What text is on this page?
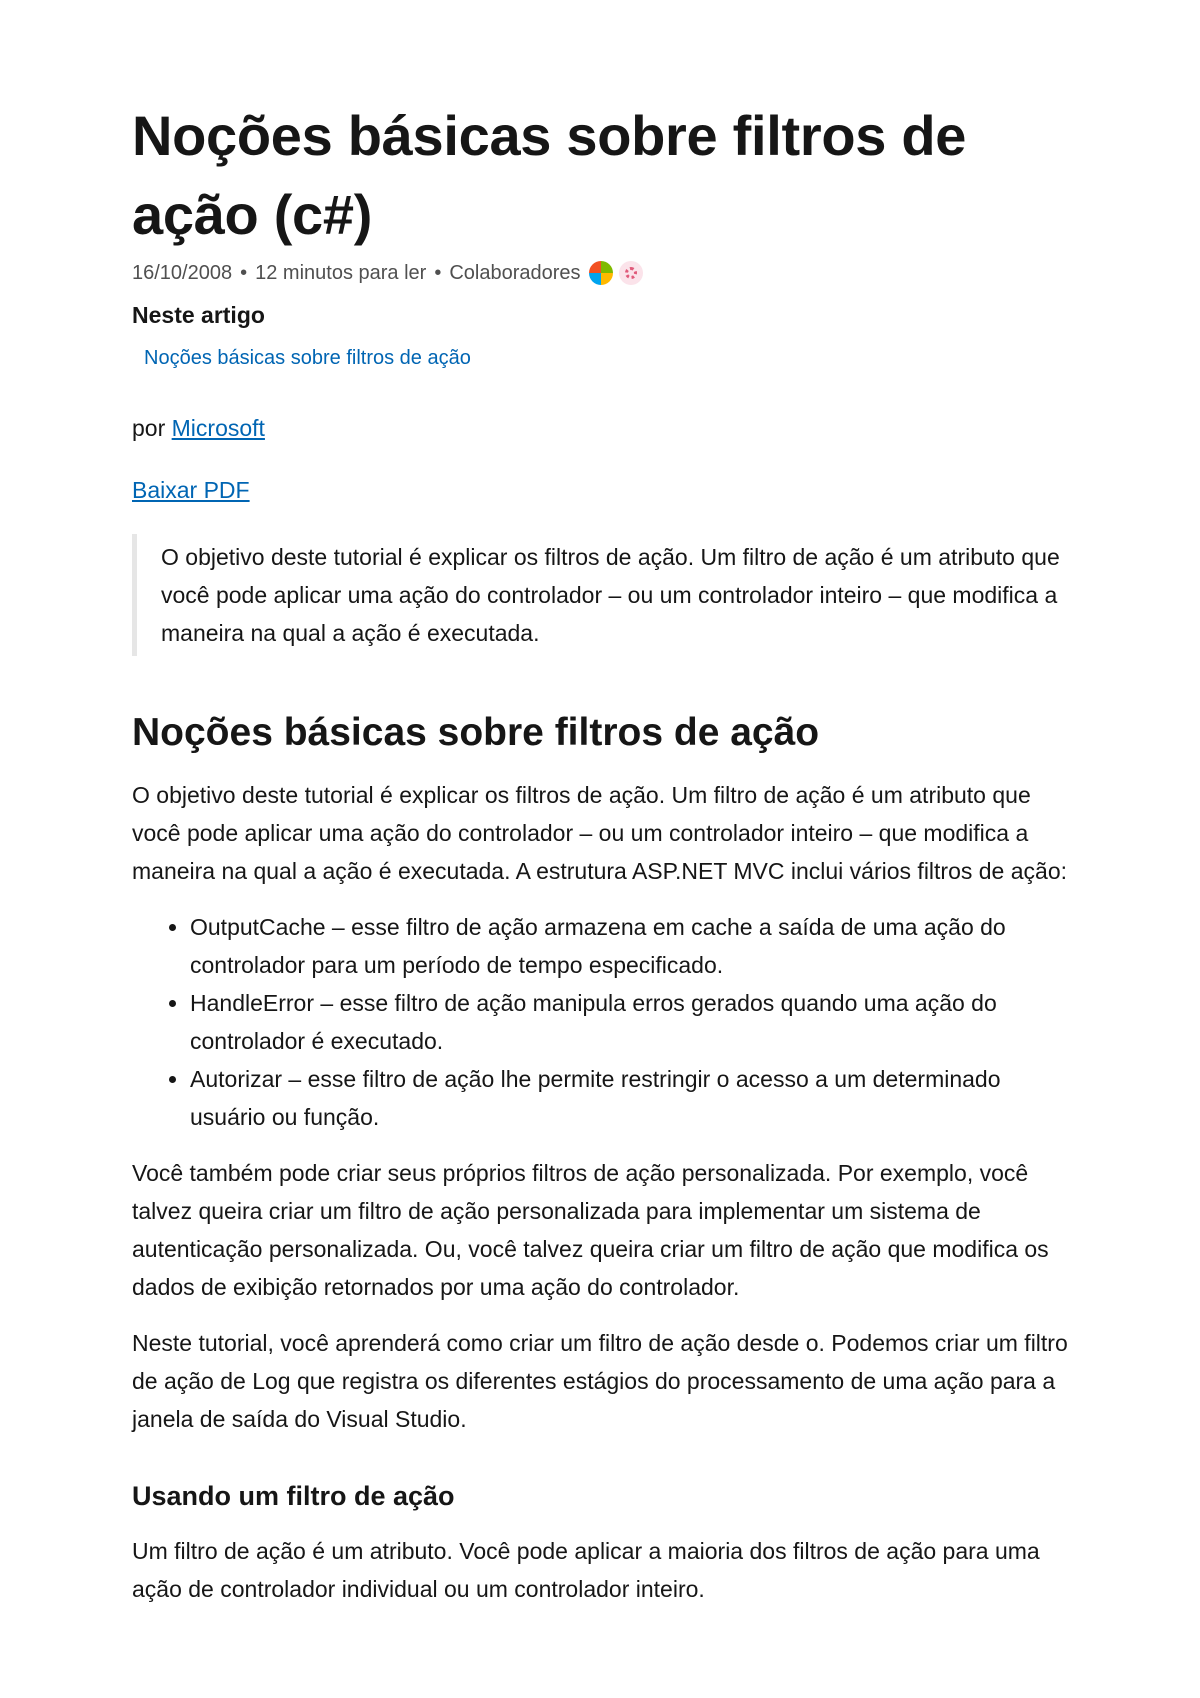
Noções básicas sobre filtros de ação (c#)
16/10/2008 • 12 minutos para ler • Colaboradores
Neste artigo
Noções básicas sobre filtros de ação
por Microsoft
Baixar PDF
O objetivo deste tutorial é explicar os filtros de ação. Um filtro de ação é um atributo que você pode aplicar uma ação do controlador – ou um controlador inteiro – que modifica a maneira na qual a ação é executada.
Noções básicas sobre filtros de ação

O objetivo deste tutorial é explicar os filtros de ação. Um filtro de ação é um atributo que você pode aplicar uma ação do controlador – ou um controlador inteiro – que modifica a maneira na qual a ação é executada. A estrutura ASP.NET MVC inclui vários filtros de ação:

• OutputCache – esse filtro de ação armazena em cache a saída de uma ação do controlador para um período de tempo especificado.
• HandleError – esse filtro de ação manipula erros gerados quando uma ação do controlador é executado.
• Autorizar – esse filtro de ação lhe permite restringir o acesso a um determinado usuário ou função.

Você também pode criar seus próprios filtros de ação personalizada. Por exemplo, você talvez queira criar um filtro de ação personalizada para implementar um sistema de autenticação personalizada. Ou, você talvez queira criar um filtro de ação que modifica os dados de exibição retornados por uma ação do controlador.

Neste tutorial, você aprenderá como criar um filtro de ação desde o. Podemos criar um filtro de ação de Log que registra os diferentes estágios do processamento de uma ação para a janela de saída do Visual Studio.

Usando um filtro de ação

Um filtro de ação é um atributo. Você pode aplicar a maioria dos filtros de ação para uma ação de controlador individual ou um controlador inteiro.
